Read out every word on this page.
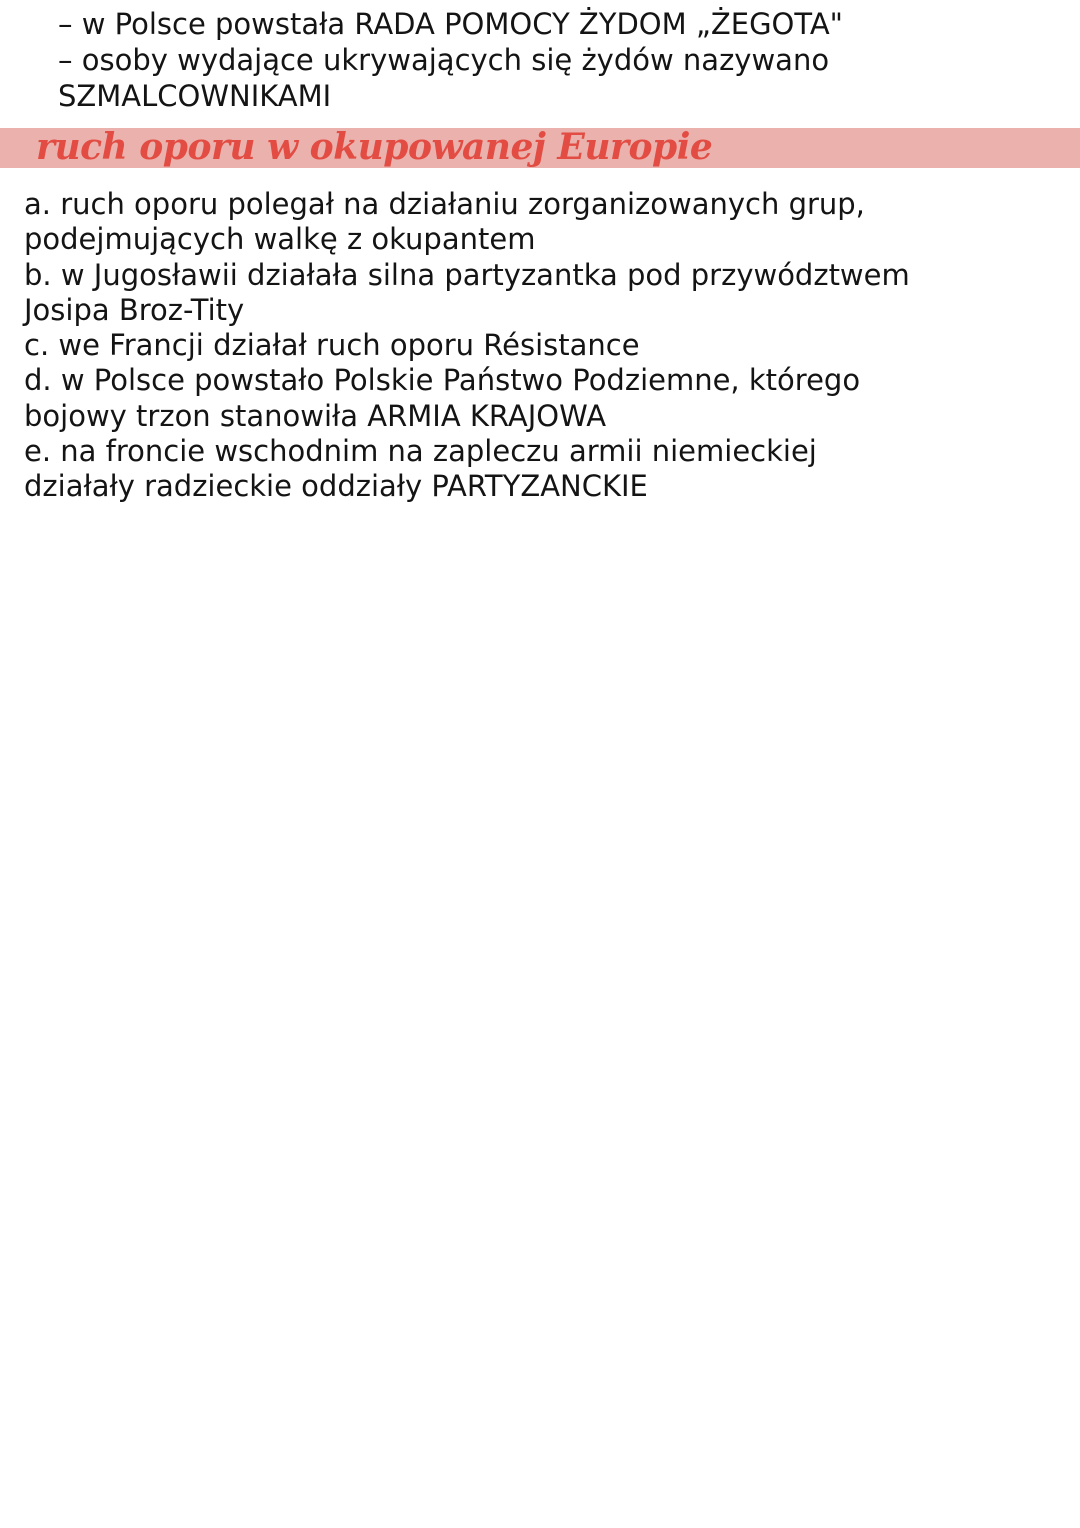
– w Polsce powstała RADA POMOCY ŻYDOM „ŻEGOTA"
– osoby wydające ukrywających się żydów nazywano
SZMALCOWNIKAMI
ruch oporu w okupowanej Europie
a. ruch oporu polegał na działaniu zorganizowanych grup,
podejmujących walkę z okupantem
b. w Jugosławii działała silna partyzantka pod przywództwem
Josipa Broz-Tity
c. we Francji działał ruch oporu Résistance
d. w Polsce powstało Polskie Państwo Podziemne, którego
bojowy trzon stanowiła ARMIA KRAJOWA
e. na froncie wschodnim na zapleczu armii niemieckiej
działały radzieckie oddziały PARTYZANCKIE
